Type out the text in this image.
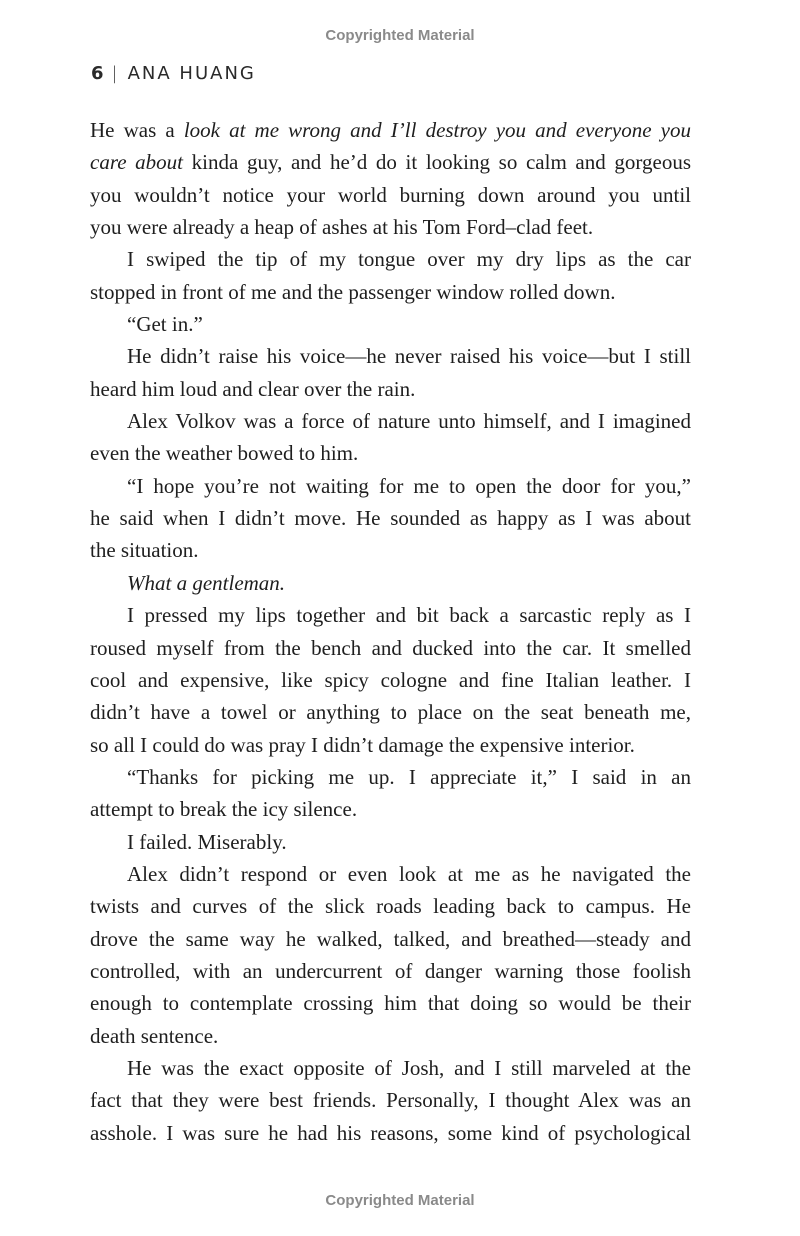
Copyrighted Material
6 | ANA HUANG
He was a look at me wrong and I’ll destroy you and everyone you
care about kinda guy, and he’d do it looking so calm and gorgeous
you wouldn’t notice your world burning down around you until
you were already a heap of ashes at his Tom Ford–clad feet.
I swiped the tip of my tongue over my dry lips as the car
stopped in front of me and the passenger window rolled down.
“Get in.”
He didn’t raise his voice—he never raised his voice—but I still
heard him loud and clear over the rain.
Alex Volkov was a force of nature unto himself, and I imagined
even the weather bowed to him.
“I hope you’re not waiting for me to open the door for you,”
he said when I didn’t move. He sounded as happy as I was about
the situation.
What a gentleman.
I pressed my lips together and bit back a sarcastic reply as I
roused myself from the bench and ducked into the car. It smelled
cool and expensive, like spicy cologne and fine Italian leather. I
didn’t have a towel or anything to place on the seat beneath me,
so all I could do was pray I didn’t damage the expensive interior.
“Thanks for picking me up. I appreciate it,” I said in an
attempt to break the icy silence.
I failed. Miserably.
Alex didn’t respond or even look at me as he navigated the
twists and curves of the slick roads leading back to campus. He
drove the same way he walked, talked, and breathed—steady and
controlled, with an undercurrent of danger warning those foolish
enough to contemplate crossing him that doing so would be their
death sentence.
He was the exact opposite of Josh, and I still marveled at the
fact that they were best friends. Personally, I thought Alex was an
asshole. I was sure he had his reasons, some kind of psychological
Copyrighted Material
